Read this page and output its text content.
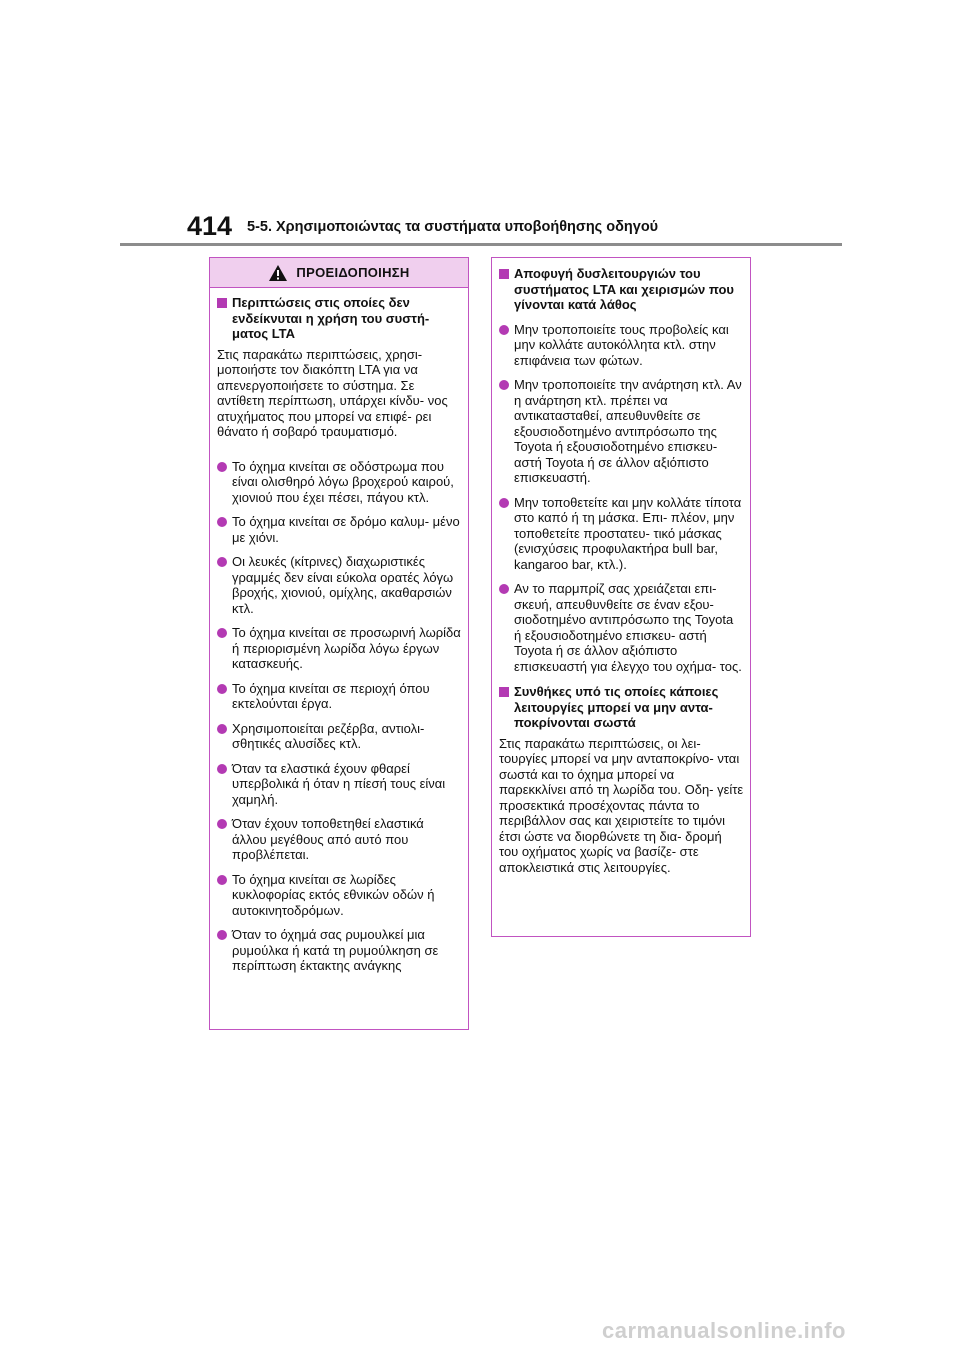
414 5-5. Χρησιμοποιώντας τα συστήματα υποβοήθησης οδηγού
ΠΡΟΕΙΔΟΠΟΙΗΣΗ
Περιπτώσεις στις οποίες δεν ενδείκνυται η χρήση του συστή- ματος LTA
Στις παρακάτω περιπτώσεις, χρησι- μοποιήστε τον διακόπτη LTA για να απενεργοποιήσετε το σύστημα. Σε αντίθετη περίπτωση, υπάρχει κίνδυ- νος ατυχήματος που μπορεί να επιφέ- ρει θάνατο ή σοβαρό τραυματισμό.
Το όχημα κινείται σε οδόστρωμα που είναι ολισθηρό λόγω βροχερού καιρού, χιονιού που έχει πέσει, πάγου κτλ.
Το όχημα κινείται σε δρόμο καλυμ- μένο με χιόνι.
Οι λευκές (κίτρινες) διαχωριστικές γραμμές δεν είναι εύκολα ορατές λόγω βροχής, χιονιού, ομίχλης, ακαθαρσιών κτλ.
Το όχημα κινείται σε προσωρινή λωρίδα ή περιορισμένη λωρίδα λόγω έργων κατασκευής.
Το όχημα κινείται σε περιοχή όπου εκτελούνται έργα.
Χρησιμοποιείται ρεζέρβα, αντιολι- σθητικές αλυσίδες κτλ.
Όταν τα ελαστικά έχουν φθαρεί υπερβολικά ή όταν η πίεσή τους είναι χαμηλή.
Όταν έχουν τοποθετηθεί ελαστικά άλλου μεγέθους από αυτό που προβλέπεται.
Το όχημα κινείται σε λωρίδες κυκλοφορίας εκτός εθνικών οδών ή αυτοκινητοδρόμων.
Όταν το όχημά σας ρυμουλκεί μια ρυμούλκα ή κατά τη ρυμούλκηση σε περίπτωση έκτακτης ανάγκης
Αποφυγή δυσλειτουργιών του συστήματος LTA και χειρισμών που γίνονται κατά λάθος
Μην τροποποιείτε τους προβολείς και μην κολλάτε αυτοκόλλητα κτλ. στην επιφάνεια των φώτων.
Μην τροποποιείτε την ανάρτηση κτλ. Αν η ανάρτηση κτλ. πρέπει να αντικατασταθεί, απευθυνθείτε σε εξουσιοδοτημένο αντιπρόσωπο της Toyota ή εξουσιοδοτημένο επισκευ- αστή Toyota ή σε άλλον αξιόπιστο επισκευαστή.
Μην τοποθετείτε και μην κολλάτε τίποτα στο καπό ή τη μάσκα. Επι- πλέον, μην τοποθετείτε προστατευ- τικό μάσκας (ενισχύσεις προφυλακτήρα bull bar, kangaroo bar, κτλ.).
Αν το παρμπρίζ σας χρειάζεται επι- σκευή, απευθυνθείτε σε έναν εξου- σιοδοτημένο αντιπρόσωπο της Toyota ή εξουσιοδοτημένο επισκευ- αστή Toyota ή σε άλλον αξιόπιστο επισκευαστή για έλεγχο του οχήμα- τος.
Συνθήκες υπό τις οποίες κάποιες λειτουργίες μπορεί να μην αντα- ποκρίνονται σωστά
Στις παρακάτω περιπτώσεις, οι λει- τουργίες μπορεί να μην ανταποκρίνο- νται σωστά και το όχημα μπορεί να παρεκκλίνει από τη λωρίδα του. Οδη- γείτε προσεκτικά προσέχοντας πάντα το περιβάλλον σας και χειριστείτε το τιμόνι έτσι ώστε να διορθώνετε τη δια- δρομή του οχήματος χωρίς να βασίζε- στε αποκλειστικά στις λειτουργίες.
carmanualsonline.info
